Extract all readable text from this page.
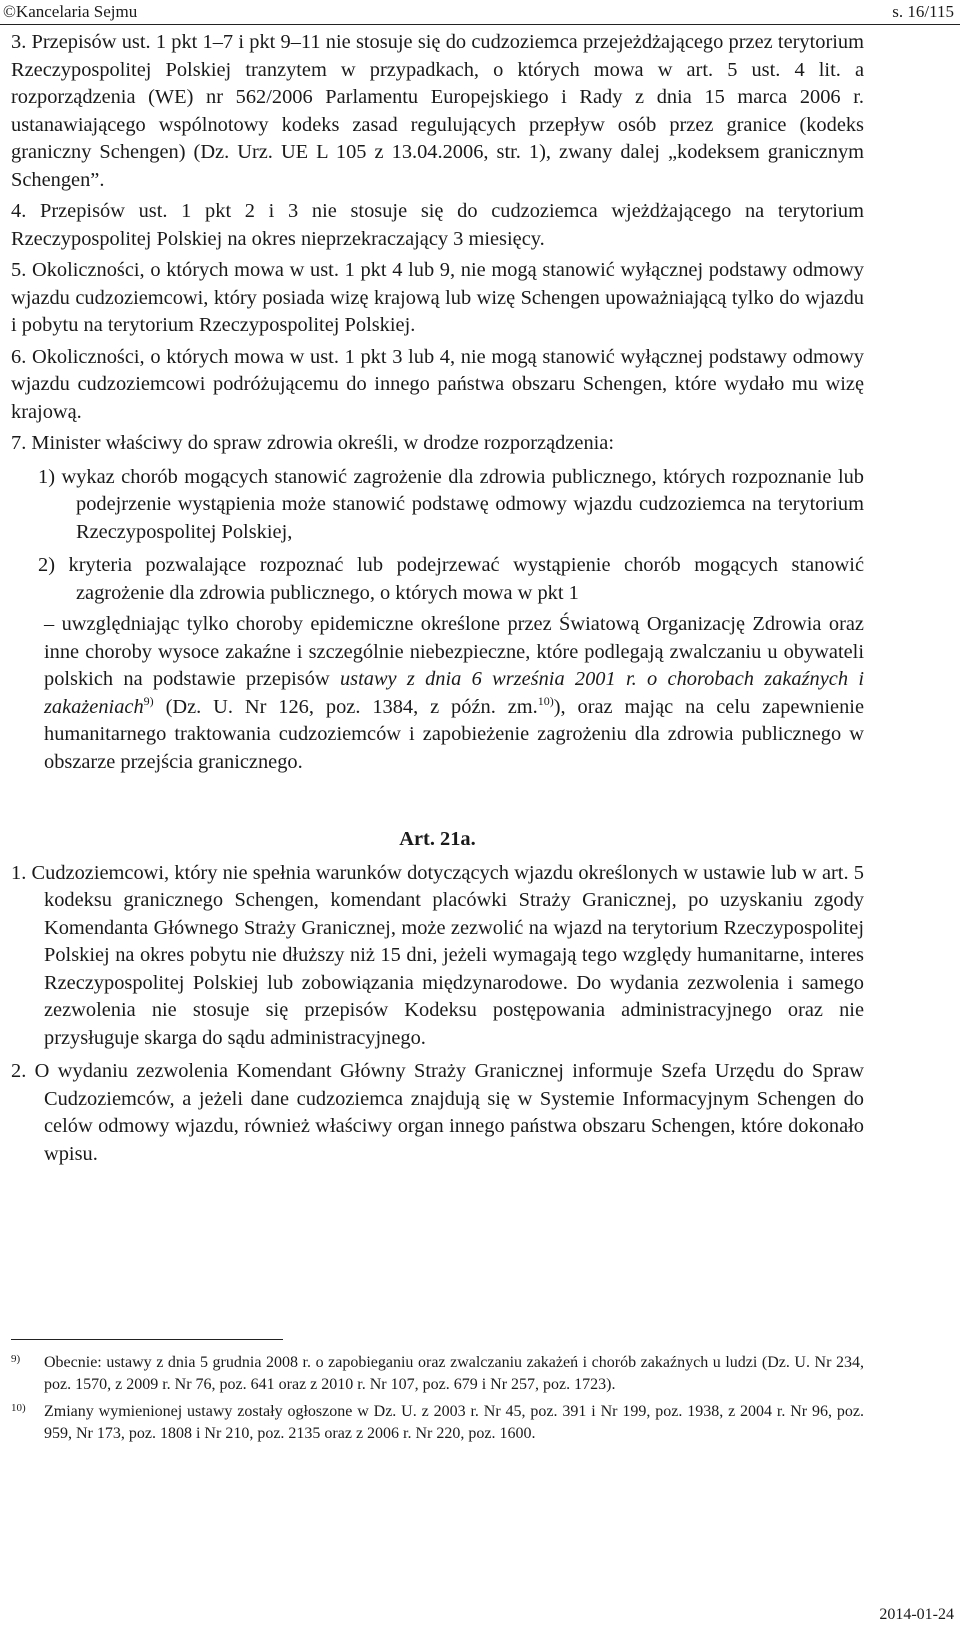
©Kancelaria Sejmu	s. 16/115

3. Przepisów ust. 1 pkt 1–7 i pkt 9–11 nie stosuje się do cudzoziemca przejeżdżającego przez terytorium Rzeczypospolitej Polskiej tranzytem w przypadkach, o których mowa w art. 5 ust. 4 lit. a rozporządzenia (WE) nr 562/2006 Parlamentu Europejskiego i Rady z dnia 15 marca 2006 r. ustanawiającego wspólnotowy kodeks zasad regulujących przepływ osób przez granice (kodeks graniczny Schengen) (Dz. Urz. UE L 105 z 13.04.2006, str. 1), zwany dalej „kodeksem granicznym Schengen”.

4. Przepisów ust. 1 pkt 2 i 3 nie stosuje się do cudzoziemca wjeżdżającego na terytorium Rzeczypospolitej Polskiej na okres nieprzekraczający 3 miesięcy.

5. Okoliczności, o których mowa w ust. 1 pkt 4 lub 9, nie mogą stanowić wyłącznej podstawy odmowy wjazdu cudzoziemcowi, który posiada wizę krajową lub wizę Schengen upoważniającą tylko do wjazdu i pobytu na terytorium Rzeczypospolitej Polskiej.

6. Okoliczności, o których mowa w ust. 1 pkt 3 lub 4, nie mogą stanowić wyłącznej podstawy odmowy wjazdu cudzoziemcowi podróżującemu do innego państwa obszaru Schengen, które wydało mu wizę krajową.

7. Minister właściwy do spraw zdrowia określi, w drodze rozporządzenia:

1) wykaz chorób mogących stanowić zagrożenie dla zdrowia publicznego, których rozpoznanie lub podejrzenie wystąpienia może stanowić podstawę odmowy wjazdu cudzoziemca na terytorium Rzeczypospolitej Polskiej,

2) kryteria pozwalające rozpoznać lub podejrzewać wystąpienie chorób mogących stanowić zagrożenie dla zdrowia publicznego, o których mowa w pkt 1

– uwzględniając tylko choroby epidemiczne określone przez Światową Organizację Zdrowia oraz inne choroby wysoce zakaźne i szczególnie niebezpieczne, które podlegają zwalczaniu u obywateli polskich na podstawie przepisów ustawy z dnia 6 września 2001 r. o chorobach zakaźnych i zakażeniach$^{9)}$ (Dz. U. Nr 126, poz. 1384, z późn. zm.$^{10)}$), oraz mając na celu zapewnienie humanitarnego traktowania cudzoziemców i zapobieżenie zagrożeniu dla zdrowia publicznego w obszarze przejścia granicznego.

Art. 21a.

1. Cudzoziemcowi, który nie spełnia warunków dotyczących wjazdu określonych w ustawie lub w art. 5 kodeksu granicznego Schengen, komendant placówki Straży Granicznej, po uzyskaniu zgody Komendanta Głównego Straży Granicznej, może zezwolić na wjazd na terytorium Rzeczypospolitej Polskiej na okres pobytu nie dłuższy niż 15 dni, jeżeli wymagają tego względy humanitarne, interes Rzeczypospolitej Polskiej lub zobowiązania międzynarodowe. Do wydania zezwolenia i samego zezwolenia nie stosuje się przepisów Kodeksu postępowania administracyjnego oraz nie przysługuje skarga do sądu administracyjnego.

2. O wydaniu zezwolenia Komendant Główny Straży Granicznej informuje Szefa Urzędu do Spraw Cudzoziemców, a jeżeli dane cudzoziemca znajdują się w Systemie Informacyjnym Schengen do celów odmowy wjazdu, również właściwy organ innego państwa obszaru Schengen, które dokonało wpisu.

9) Obecnie: ustawy z dnia 5 grudnia 2008 r. o zapobieganiu oraz zwalczaniu zakażeń i chorób zakaźnych u ludzi (Dz. U. Nr 234, poz. 1570, z 2009 r. Nr 76, poz. 641 oraz z 2010 r. Nr 107, poz. 679 i Nr 257, poz. 1723).

10) Zmiany wymienionej ustawy zostały ogłoszone w Dz. U. z 2003 r. Nr 45, poz. 391 i Nr 199, poz. 1938, z 2004 r. Nr 96, poz. 959, Nr 173, poz. 1808 i Nr 210, poz. 2135 oraz z 2006 r. Nr 220, poz. 1600.

2014-01-24
